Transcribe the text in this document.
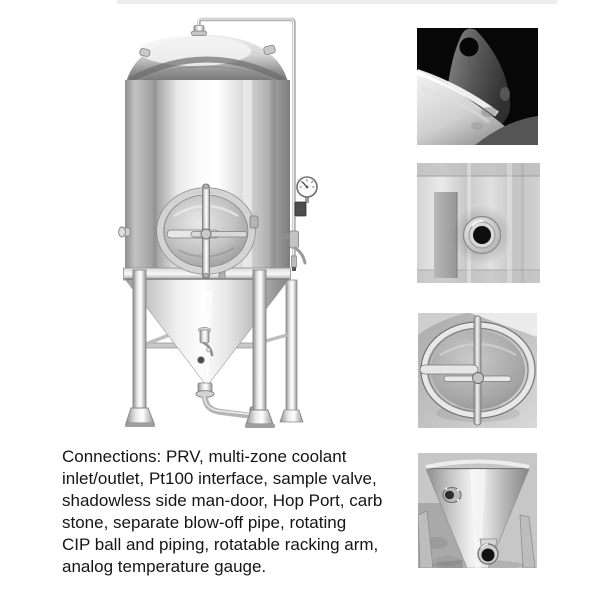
Connections: PRV, multi-zone coolant
inlet/outlet, Pt100 interface, sample valve,
shadowless side man-door, Hop Port, carb
stone, separate blow-off pipe, rotating
CIP ball and piping, rotatable racking arm,
analog temperature gauge.
